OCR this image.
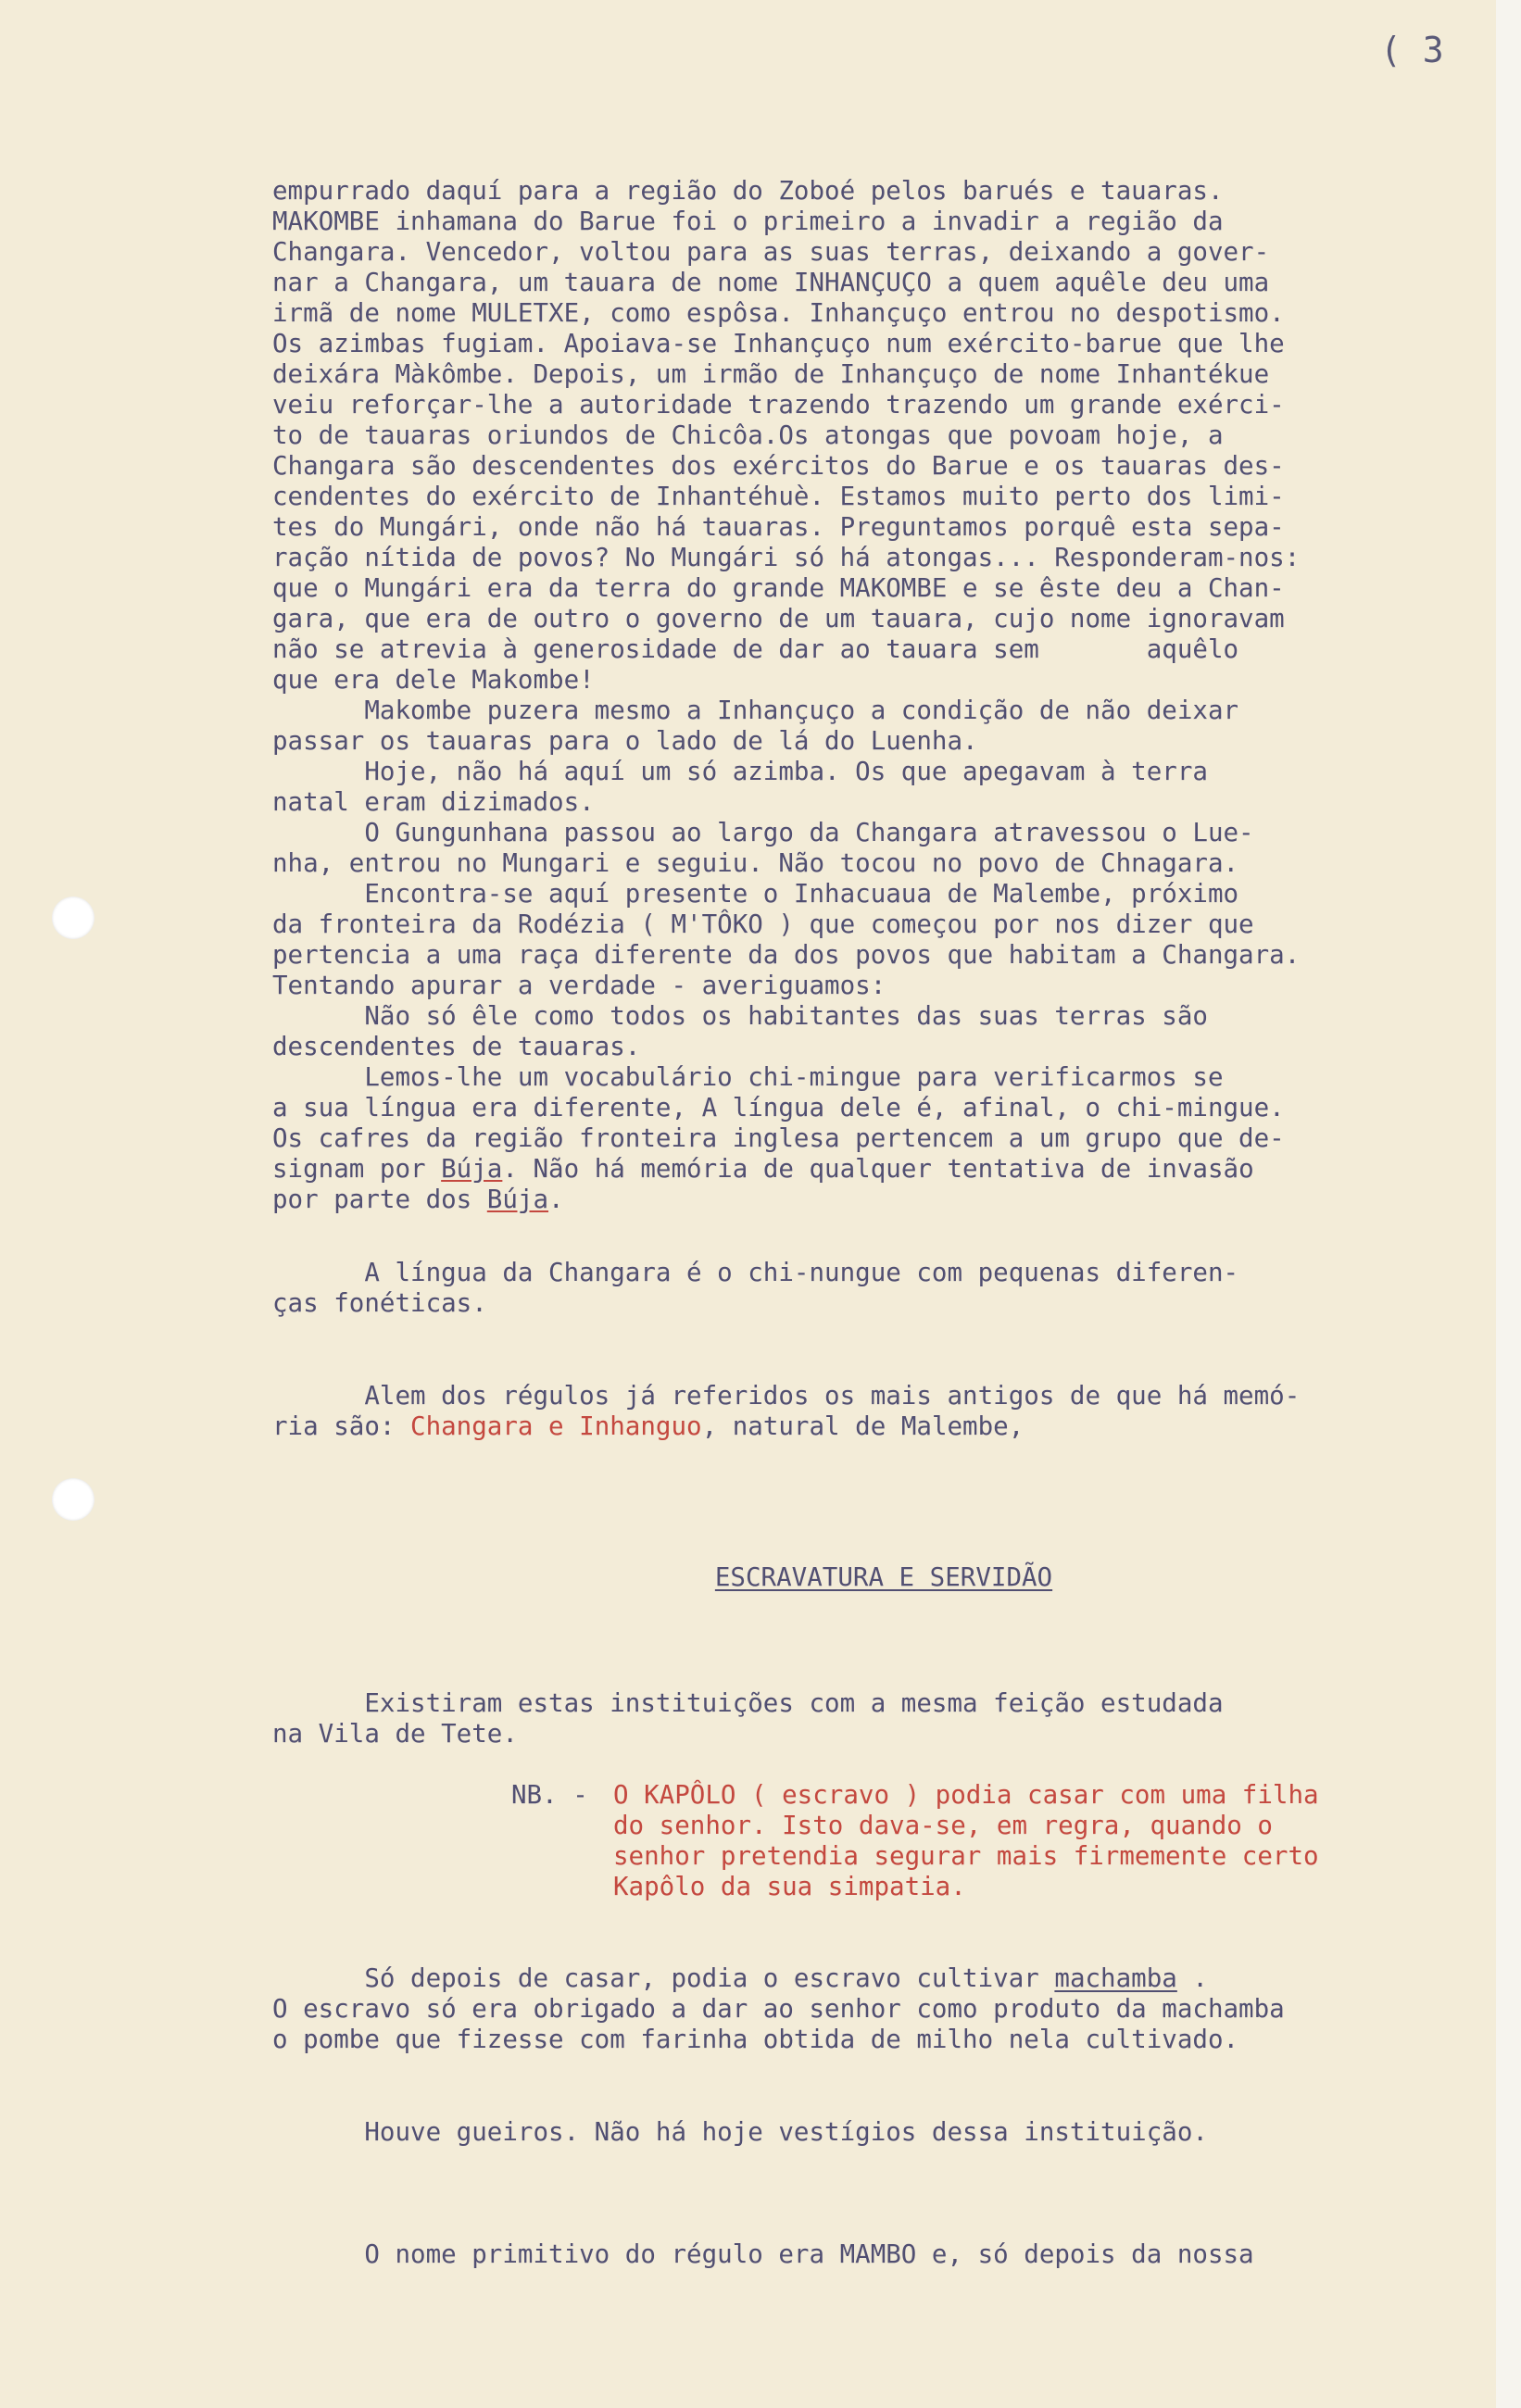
( 3
empurrado daquí para a região do Zoboé pelos barués e tauaras.
MAKOMBE inhamana do Barue foi o primeiro a invadir a região da
Changara. Vencedor, voltou para as suas terras, deixando a gover-
nar a Changara, um tauara de nome INHANÇUÇO a quem aquêle deu uma
irmã de nome MULETXE, como espôsa. Inhançuço entrou no despotismo.
Os azimbas fugiam. Apoiava-se Inhançuço num exército-barue que lhe
deixára Màkômbe. Depois, um irmão de Inhançuço de nome Inhantékue
veiu reforçar-lhe a autoridade trazendo trazendo um grande exérci-
to de tauaras oriundos de Chicôa.Os atongas que povoam hoje, a
Changara são descendentes dos exércitos do Barue e os tauaras des-
cendentes do exército de Inhantéhuè. Estamos muito perto dos limi-
tes do Mungári, onde não há tauaras. Preguntamos porquê esta sepa-
ração nítida de povos? No Mungári só há atongas... Responderam-nos:
que o Mungári era da terra do grande MAKOMBE e se êste deu a Chan-
gara, que era de outro o governo de um tauara, cujo nome ignoravam
não se atrevia à generosidade de dar ao tauara sem       aquêlo
que era dele Makombe!
Makombe puzera mesmo a Inhançuço a condição de não deixar
passar os tauaras para o lado de lá do Luenha.
Hoje, não há aquí um só azimba. Os que apegavam à terra
natal eram dizimados.
O Gungunhana passou ao largo da Changara atravessou o Lue-
nha, entrou no Mungari e seguiu. Não tocou no povo de Chnagara.
Encontra-se aquí presente o Inhacuaua de Malembe, próximo
da fronteira da Rodézia ( M'TÔKO ) que começou por nos dizer que
pertencia a uma raça diferente da dos povos que habitam a Changara.
Tentando apurar a verdade - averiguamos:
Não só êle como todos os habitantes das suas terras são
descendentes de tauaras.
Lemos-lhe um vocabulário chi-mingue para verificarmos se
a sua língua era diferente, A língua dele é, afinal, o chi-mingue.
Os cafres da região fronteira inglesa pertencem a um grupo que de-
signam por Búja. Não há memória de qualquer tentativa de invasão
por parte dos Búja.
A língua da Changara é o chi-nungue com pequenas diferen-
ças fonéticas.
Alem dos régulos já referidos os mais antigos de que há memó-
ria são: Changara e Inhanguo, natural de Malembe,
ESCRAVATURA E SERVIDÃO
Existiram estas instituições com a mesma feição estudada
na Vila de Tete.
NB. - O KAPÔLO ( escravo ) podia casar com uma filha
do senhor. Isto dava-se, em regra, quando o
senhor pretendia segurar mais firmemente certo
Kapôlo da sua simpatia.
Só depois de casar, podia o escravo cultivar machamba .
O escravo só era obrigado a dar ao senhor como produto da machamba
o pombe que fizesse com farinha obtida de milho nela cultivado.
Houve gueiros. Não há hoje vestígios dessa instituição.
O nome primitivo do régulo era MAMBO e, só depois da nossa
